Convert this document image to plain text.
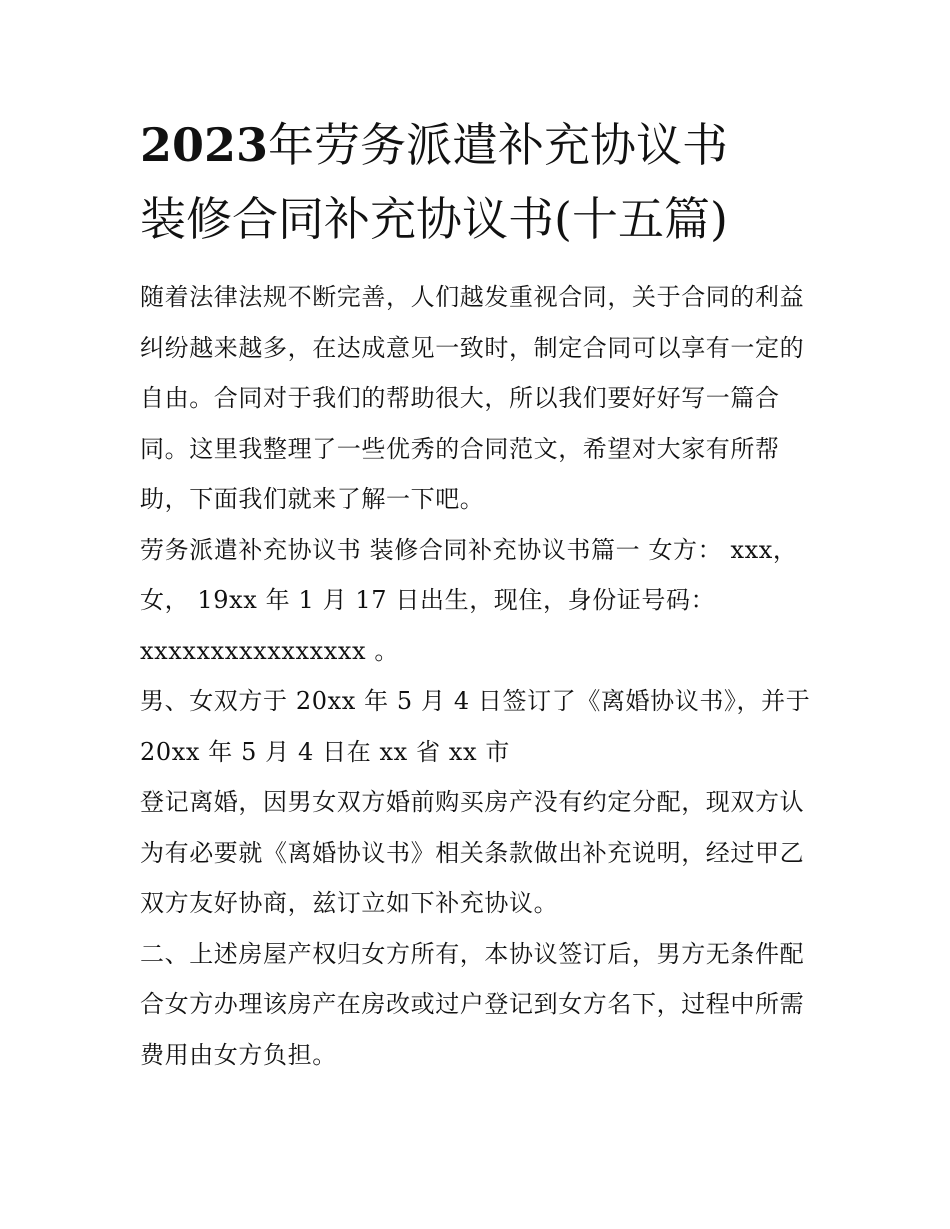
2023年劳务派遣补充协议书
装修合同补充协议书(十五篇)

随着法律法规不断完善，人们越发重视合同，关于合同的利益
纠纷越来越多，在达成意见一致时，制定合同可以享有一定的
自由。合同对于我们的帮助很大，所以我们要好好写一篇合
同。这里我整理了一些优秀的合同范文，希望对大家有所帮
助，下面我们就来了解一下吧。

劳务派遣补充协议书 装修合同补充协议书篇一 女方： xxx，
女， 19xx 年 1 月 17 日出生，现住，身份证号码：
xxxxxxxxxxxxxxxx 。

男、女双方于 20xx 年 5 月 4 日签订了《离婚协议书》，并于
20xx 年 5 月 4 日在 xx 省 xx 市

登记离婚，因男女双方婚前购买房产没有约定分配，现双方认
为有必要就《离婚协议书》相关条款做出补充说明，经过甲乙
双方友好协商，兹订立如下补充协议。

二、上述房屋产权归女方所有，本协议签订后，男方无条件配
合女方办理该房产在房改或过户登记到女方名下，过程中所需
费用由女方负担。
